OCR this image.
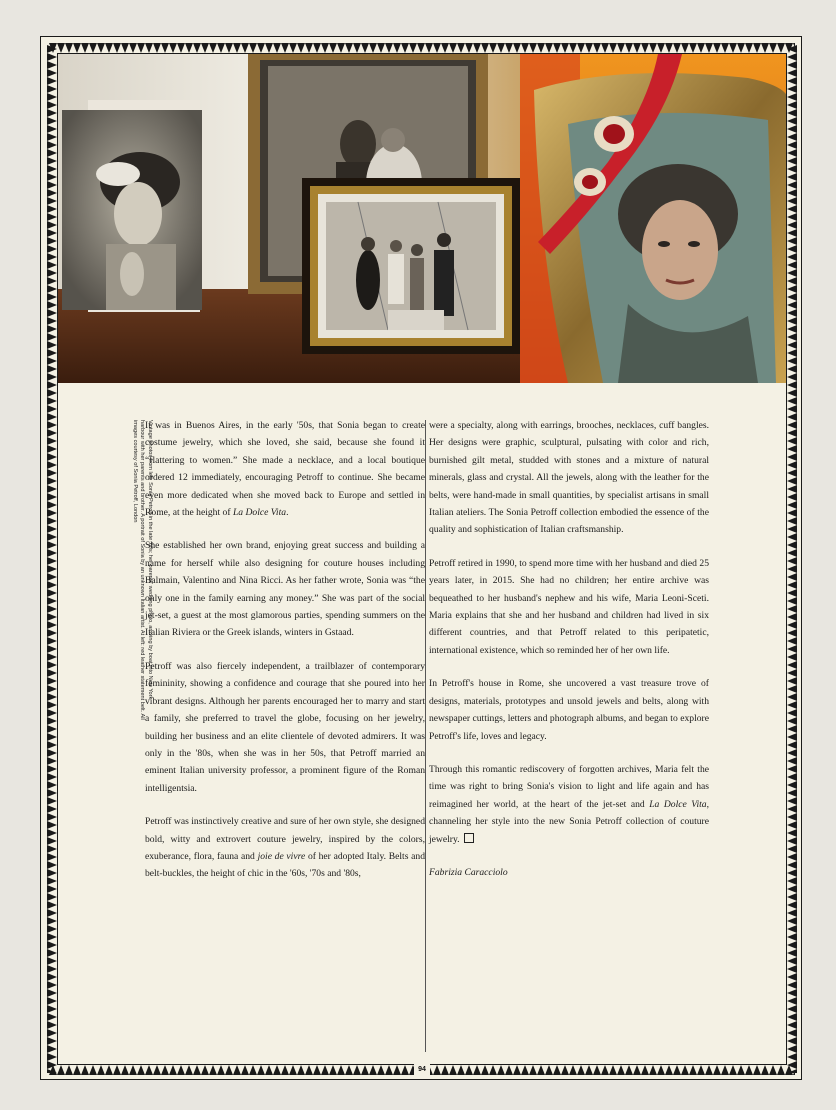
Vintage photos from left: Sonia Petroff in the late '60s; her parents' wedding photo, arriving by boat into New York harbour with her parents and brother. A portrait of Sonia by an unknown Italian artist. At left: red leather statement belt. All images courtesy of Sonia Petroff, London It was in Buenos Aires, in the early '50s, that Sonia began to create costume jewelry, which she loved, she said, because she found it “flattering to women.” She made a necklace, and a local boutique ordered 12 immediately, encouraging Petroff to continue. She became even more dedicated when she moved back to Europe and settled in Rome, at the height of La Dolce Vita.

She established her own brand, enjoying great success and building a name for herself while also designing for couture houses including Balmain, Valentino and Nina Ricci. As her father wrote, Sonia was “the only one in the family earning any money.” She was part of the social jet-set, a guest at the most glamorous parties, spending summers on the Italian Riviera or the Greek islands, winters in Gstaad.

Petroff was also fiercely independent, a trailblazer of contemporary femininity, showing a confidence and courage that she poured into her vibrant designs. Although her parents encouraged her to marry and start a family, she preferred to travel the globe, focusing on her jewelry, building her business and an elite clientele of devoted admirers. It was only in the '80s, when she was in her 50s, that Petroff married an eminent Italian university professor, a prominent figure of the Roman intelligentsia.

Petroff was instinctively creative and sure of her own style, she designed bold, witty and extrovert couture jewelry, inspired by the colors, exuberance, flora, fauna and joie de vivre of her adopted Italy. Belts and belt-buckles, the height of chic in the '60s, '70s and '80s,

were a specialty, along with earrings, brooches, necklaces, cuff bangles. Her designs were graphic, sculptural, pulsating with color and rich, burnished gilt metal, studded with stones and a mixture of natural minerals, glass and crystal. All the jewels, along with the leather for the belts, were hand-made in small quantities, by specialist artisans in small Italian ateliers. The Sonia Petroff collection embodied the essence of the quality and sophistication of Italian craftsmanship.

Petroff retired in 1990, to spend more time with her husband and died 25 years later, in 2015. She had no children; her entire archive was bequeathed to her husband's nephew and his wife, Maria Leoni-Sceti. Maria explains that she and her husband and children had lived in six different countries, and that Petroff related to this peripatetic, international existence, which so reminded her of her own life.

In Petroff's house in Rome, she uncovered a vast treasure trove of designs, materials, prototypes and unsold jewels and belts, along with newspaper cuttings, letters and photograph albums, and began to explore Petroff's life, loves and legacy.

Through this romantic rediscovery of forgotten archives, Maria felt the time was right to bring Sonia's vision to light and life again and has reimagined her world, at the heart of the jet-set and La Dolce Vita, channeling her style into the new Sonia Petroff collection of couture jewelry.

Fabrizia Caracciolo

94
